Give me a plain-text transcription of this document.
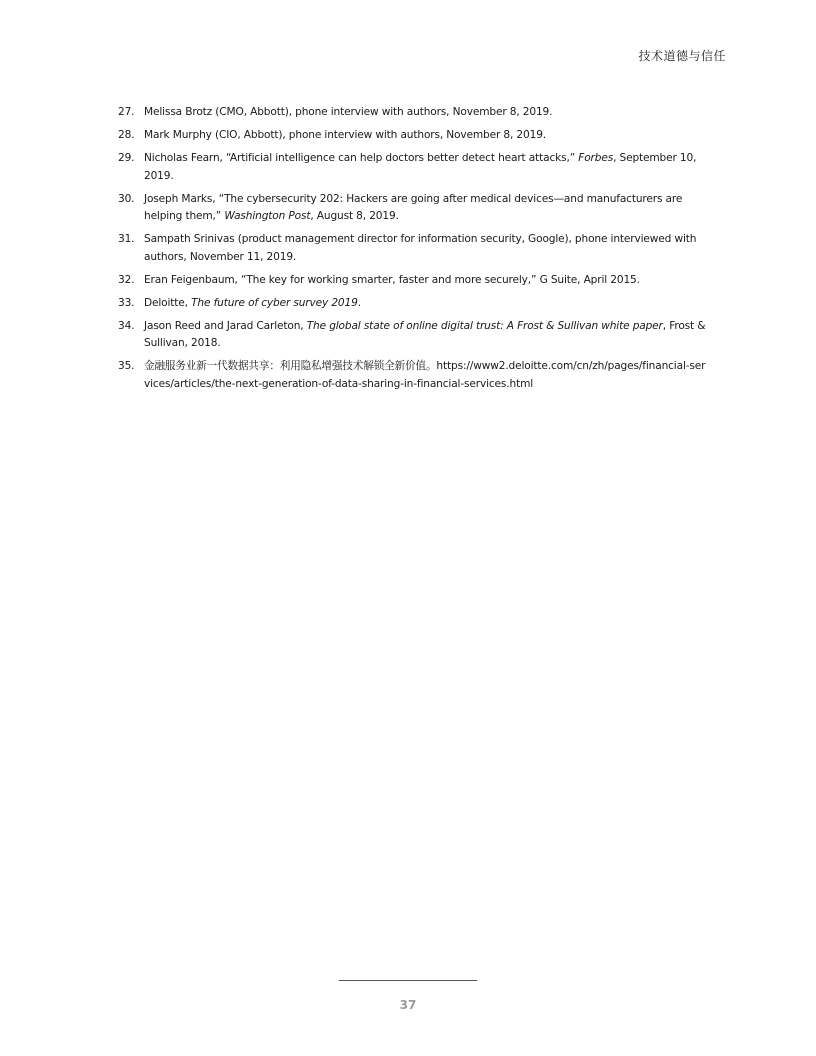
技术道德与信任
27. Melissa Brotz (CMO, Abbott), phone interview with authors, November 8, 2019.
28. Mark Murphy (CIO, Abbott), phone interview with authors, November 8, 2019.
29. Nicholas Fearn, “Artificial intelligence can help doctors better detect heart attacks,” Forbes, September 10, 2019.
30. Joseph Marks, “The cybersecurity 202: Hackers are going after medical devices—and manufacturers are helping them,” Washington Post, August 8, 2019.
31. Sampath Srinivas (product management director for information security, Google), phone interviewed with authors, November 11, 2019.
32. Eran Feigenbaum, “The key for working smarter, faster and more securely,” G Suite, April 2015.
33. Deloitte, The future of cyber survey 2019.
34. Jason Reed and Jarad Carleton, The global state of online digital trust: A Frost & Sullivan white paper, Frost & Sullivan, 2018.
35. 金融服务业新一代数据共享：利用隐私增强技术解锁全新价值。https://www2.deloitte.com/cn/zh/pages/financial-services/articles/the-next-generation-of-data-sharing-in-financial-services.html
37
